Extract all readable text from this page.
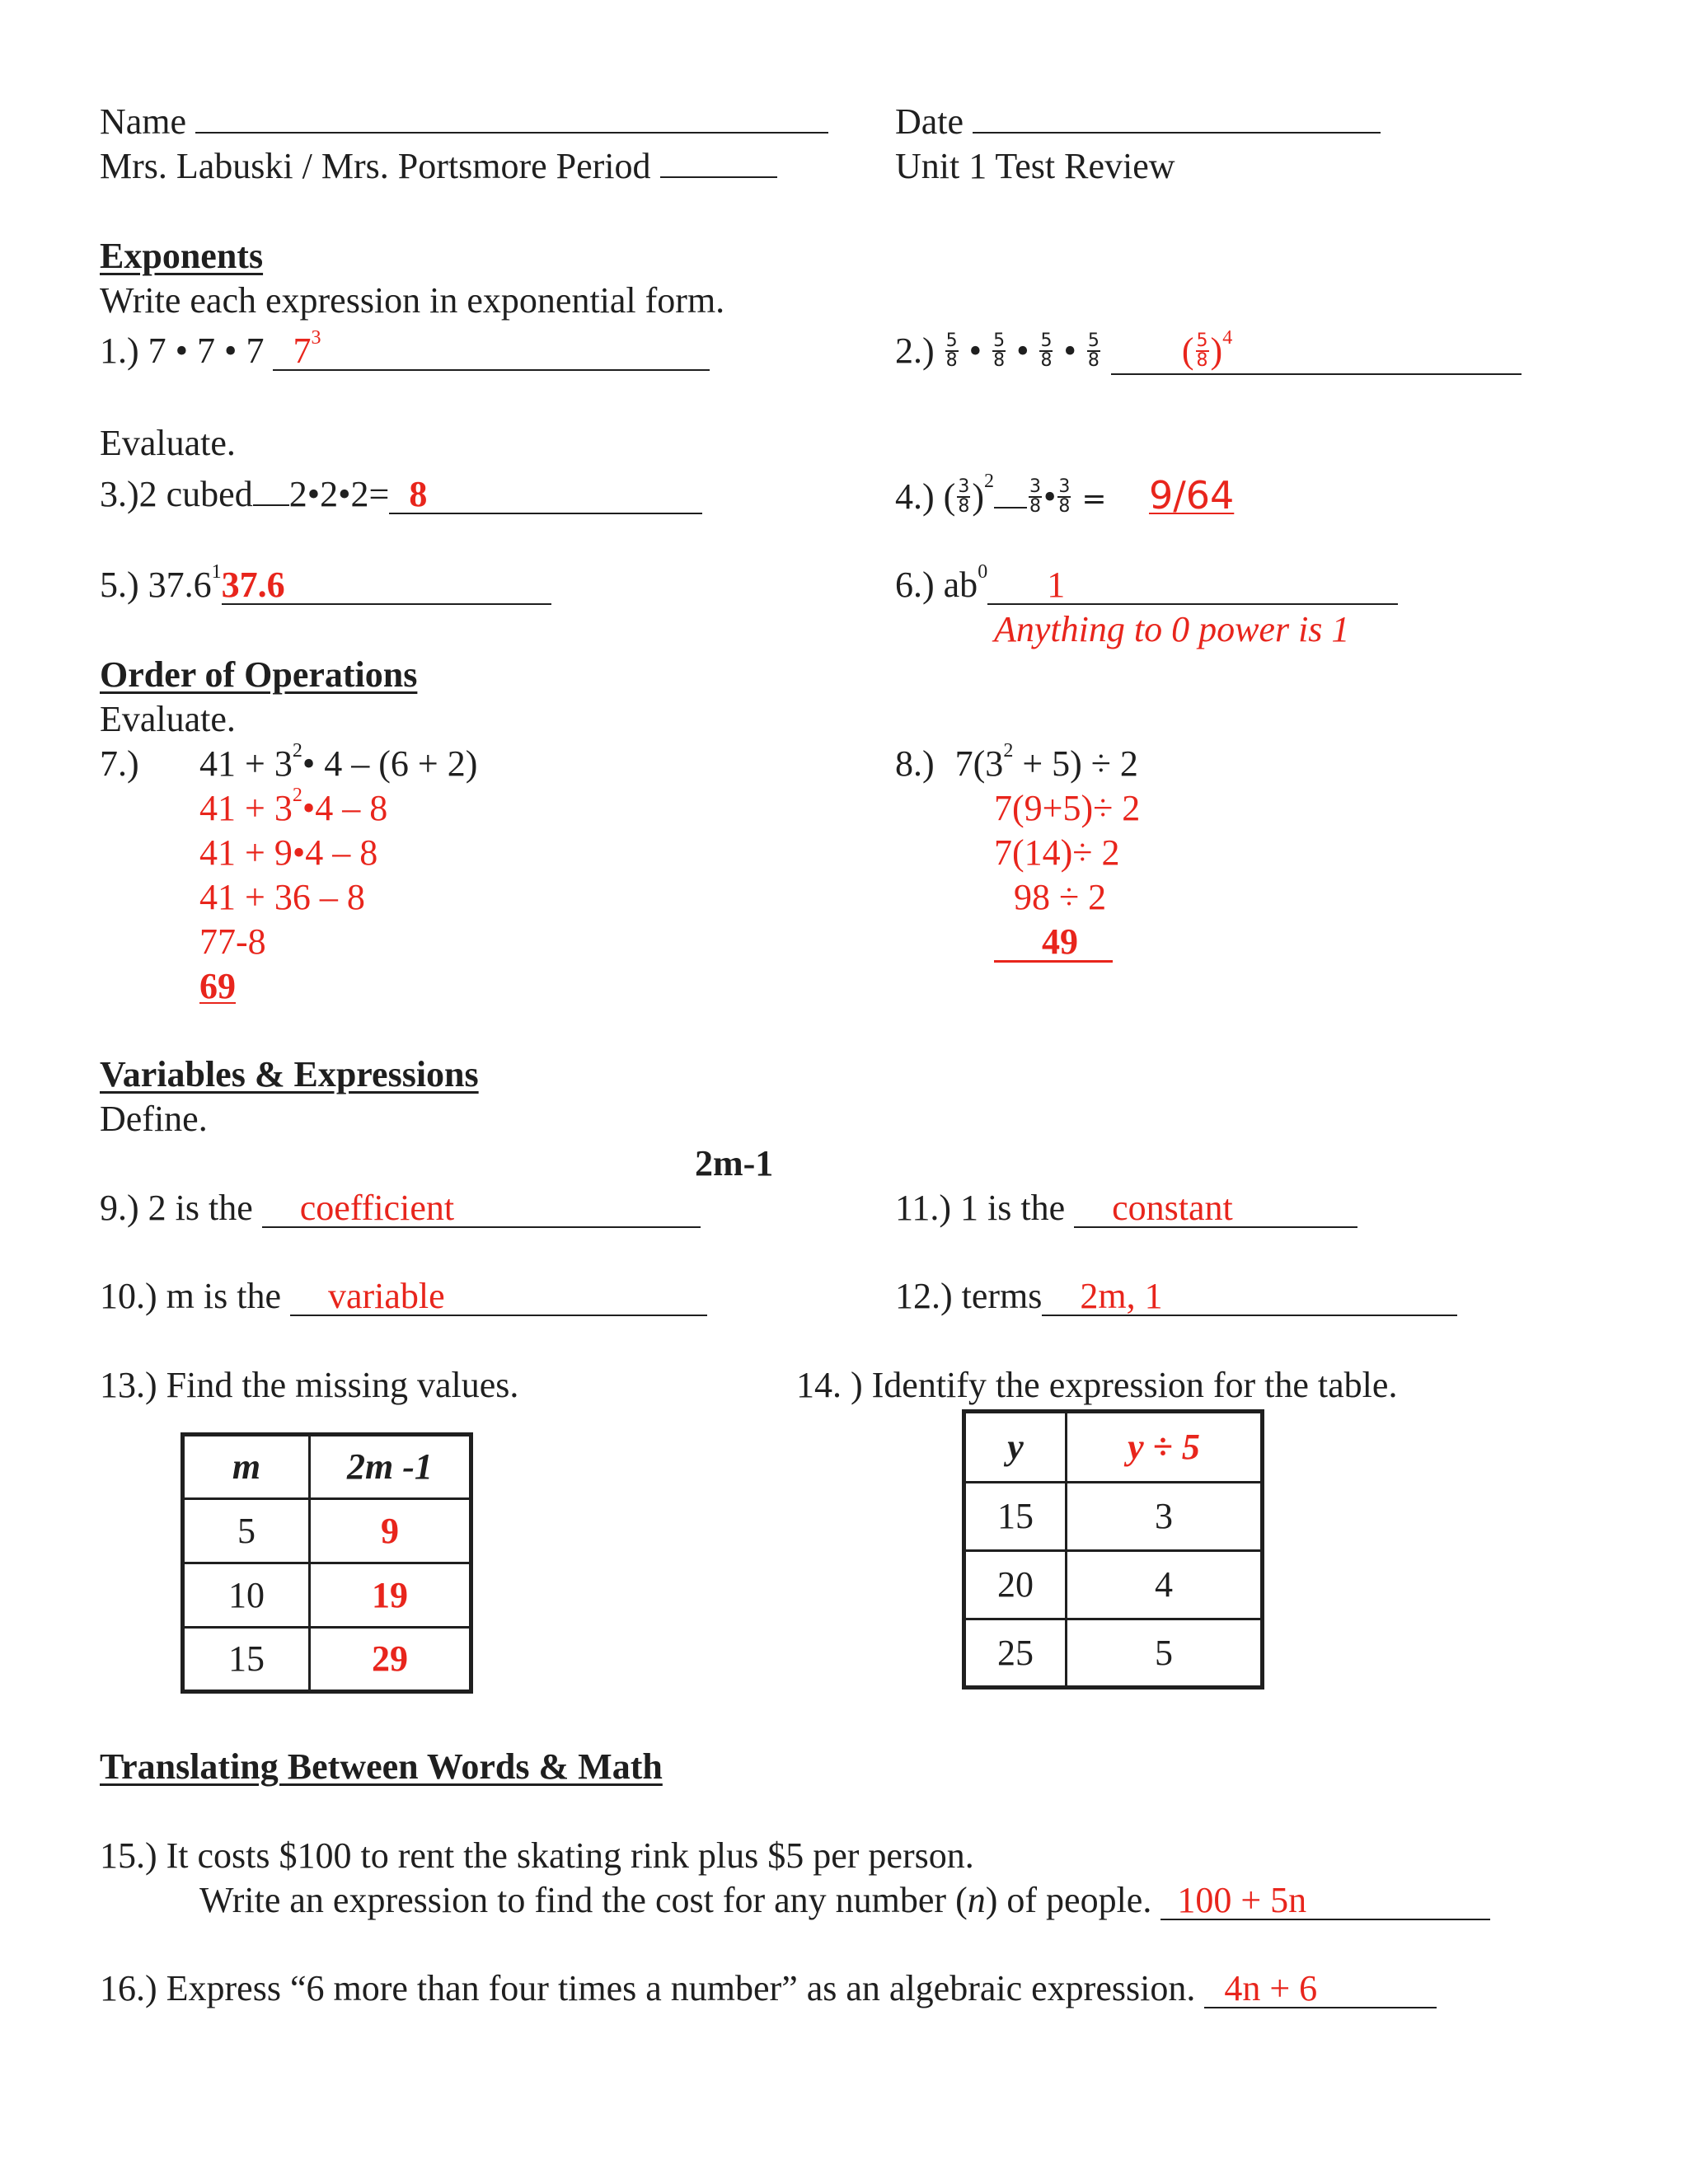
Name
Mrs. Labuski / Mrs. Portsmore Period
Date
Unit 1 Test Review
Exponents
Write each expression in exponential form.
1.) 7 • 7 • 7 $7^3$	$2.) \frac{5}{8}$ • $\frac{5}{8}$ • $\frac{5}{8}$ • $\frac{5}{8}$ ( $\frac{5}{8} )^4$
Evaluate.
3.)2 cubed 2•2•2= 8	4.) ( $\frac{3}{8} )^2 \frac{3}{8}$ • $\frac{3}{8} = 9/64$
5.) 37.6$^1$37.6	6.) $ab^0$ 1
Anything to 0 power is 1
Order of Operations
Evaluate.
7.) $41 + 3^2•$ 4 – (6 + 2)
$41 + 3^2•4 - 8$
41 + 9•4 – 8
41 + 36 – 8
77-8
69
8.) $7(3^2 + 5) \div 2$
7(9+5)÷ 2
7(14)÷ 2
98 ÷ 2
49
Variables & Expressions
Define.
2m-1
9.) 2 is the coefficient	11.) 1 is the constant
10.) m is the variable	12.) terms 2m, 1
13.) Find the missing values.	14. ) Identify the expression for the table.
m	2m -1
5	9
10	19
15	29
y	y ÷ 5
15	3
20	4
25	5
Translating Between Words & Math
15.) It costs $100 to rent the skating rink plus $5 per person.
Write an expression to find the cost for any number (n) of people. 100 + 5n
16.) Express “6 more than four times a number” as an algebraic expression. 4n + 6
